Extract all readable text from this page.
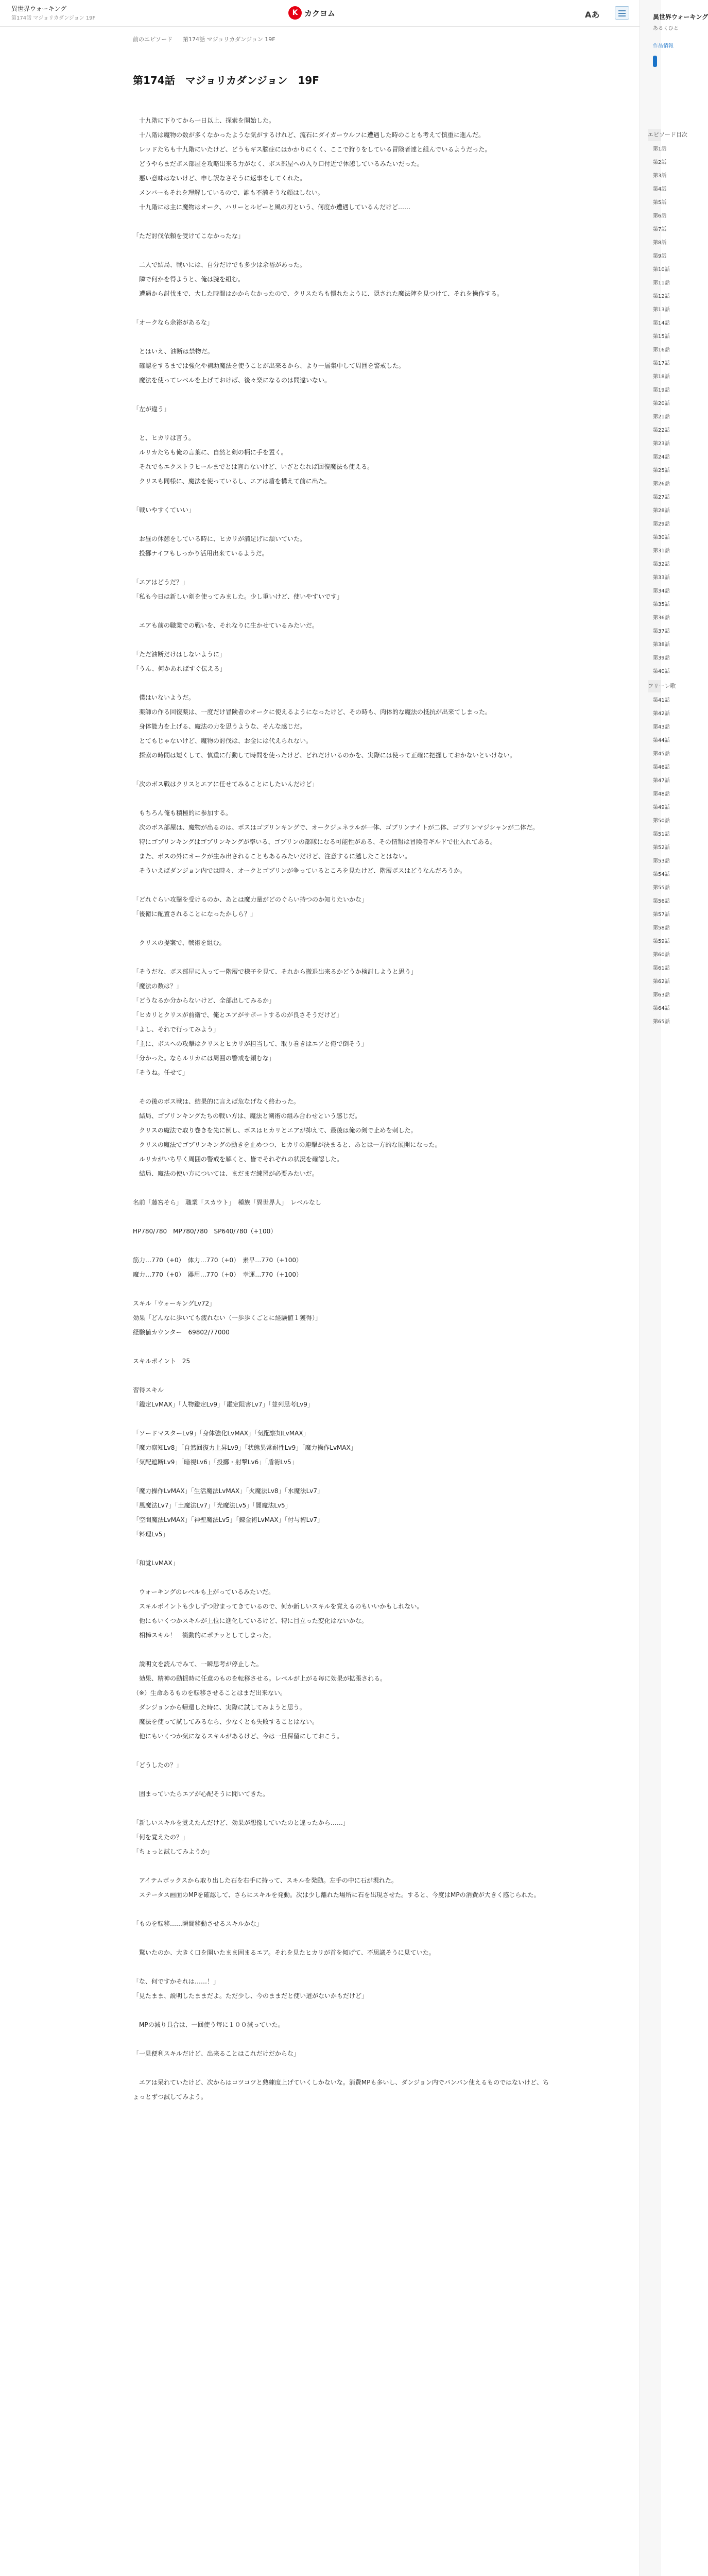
異世界ウォーキング
第174話 マジョリカダンジョン 19F
K カクヨム	Aあ
前のエピソード 第174話 マジョリカダンジョン 19F
第174話　マジョリカダンジョン　19F
　十九階に下りてから一日以上、探索を開始した。
　十八階は魔物の数が多くなかったような気がするけれど、流石にダイガーウルフに遭遇した時のことも考えて慎重に進んだ。
　レッドたちも十九階にいたけど、どうもギス脳症にはかかりにくく、ここで狩りをしている冒険者達と組んでいるようだった。
　どうやらまだボス部屋を攻略出来る力がなく、ボス部屋への入り口付近で休憩しているみたいだった。
　悪い意味はないけど、申し訳なさそうに返事をしてくれた。
　メンバーもそれを理解しているので、誰も不満そうな顔はしない。
　十九階には主に魔物はオーク、ハリーとルビーと風の刃という、何度か遭遇しているんだけど……

「ただ討伐依頼を受けてこなかったな」

　二人で結局、戦いには、自分だけでも多少は余裕があった。
　隣で何かを得ようと、俺は腕を組む。
　遭遇から討伐まで、大した時間はかからなかったので、クリスたちも慣れたように、隠された魔法陣を見つけて、それを操作する。

「オークなら余裕があるな」

　とはいえ、油断は禁物だ。
　確認をするまでは強化や補助魔法を使うことが出来るから、より一層集中して周囲を警戒した。
　魔法を使ってレベルを上げておけば、後々楽になるのは間違いない。

「左が違う」

　と、ヒカリは言う。
　ルリカたちも俺の言葉に、自然と剣の柄に手を置く。
　それでもエクストラヒールまでとは言わないけど、いざとなれば回復魔法も使える。
　クリスも同様に、魔法を使っているし、エアは盾を構えて前に出た。

「戦いやすくていい」

　お昼の休憩をしている時に、ヒカリが満足げに頷いていた。
　投擲ナイフもしっかり活用出来ているようだ。

「エアはどうだ？」
「私も今日は新しい剣を使ってみました。少し重いけど、使いやすいです」

　エアも前の職業での戦いを、それなりに生かせているみたいだ。

「ただ油断だけはしないように」
「うん、何かあればすぐ伝える」

　僕はいないようだ。
　薬師の作る回復薬は、一度だけ冒険者のオークに使えるようになったけど、その時も、肉体的な魔法の抵抗が出来てしまった。
　身体能力を上げる、魔法の力を思うような、そんな感じだ。
　とてもじゃないけど、魔物の討伐は、お金には代えられない。
　探索の時間は短くして、慎重に行動して時間を使ったけど、どれだけいるのかを、実際には使って正確に把握しておかないといけない。

「次のボス戦はクリスとエアに任せてみることにしたいんだけど」

　もちろん俺も積極的に参加する。
　次のボス部屋は、魔物が出るのは、ボスはゴブリンキングで、オークジェネラルが一体、ゴブリンナイトが二体、ゴブリンマジシャンが二体だ。
　特にゴブリンキングはゴブリンキングが率いる、ゴブリンの部隊になる可能性がある、その情報は冒険者ギルドで仕入れてある。
　また、ボスの外にオークが生み出されることもあるみたいだけど、注意するに越したことはない。
　そういえばダンジョン内では時々、オークとゴブリンが争っているところを見たけど、階層ボスはどうなんだろうか。

「どれぐらい攻撃を受けるのか、あとは魔力量がどのぐらい持つのか知りたいかな」
「後衛に配置されることになったかしら？」

　クリスの提案で、戦術を組む。

「そうだな、ボス部屋に入って一階層で様子を見て、それから撤退出来るかどうか検討しようと思う」
「魔法の数は？」
「どうなるか分からないけど、全部出してみるか」
「ヒカリとクリスが前衛で、俺とエアがサポートするのが良さそうだけど」
「よし、それで行ってみよう」
「主に、ボスへの攻撃はクリスとヒカリが担当して、取り巻きはエアと俺で倒そう」
「分かった。ならルリカには周囲の警戒を頼むな」
「そうね。任せて」

　その後のボス戦は、結果的に言えば危なげなく終わった。
　結局、ゴブリンキングたちの戦い方は、魔法と剣術の組み合わせという感じだ。
　クリスの魔法で取り巻きを先に倒し、ボスはヒカリとエアが抑えて、最後は俺の剣で止めを刺した。
　クリスの魔法でゴブリンキングの動きを止めつつ、ヒカリの連撃が決まると、あとは一方的な展開になった。
　ルリカがいち早く周囲の警戒を解くと、皆でそれぞれの状況を確認した。
　結局、魔法の使い方については、まだまだ練習が必要みたいだ。

名前「藤宮そら」　職業「スカウト」　種族「異世界人」　レベルなし

HP780/780　MP780/780　SP640/780（+100）

筋力…770（+0）　体力…770（+0）　素早…770（+100）
魔力…770（+0）　器用…770（+0）　幸運…770（+100）

スキル「ウォーキングLv72」
効果「どんなに歩いても疲れない（一歩歩くごとに経験値１獲得）」
経験値カウンター　69802/77000

スキルポイント　25

習得スキル
「鑑定LvMAX」「人物鑑定Lv9」「鑑定阻害Lv7」「並列思考Lv9」

「ソードマスターLv9」「身体強化LvMAX」「気配察知LvMAX」
「魔力察知Lv8」「自然回復力上昇Lv9」「状態異常耐性Lv9」「魔力操作LvMAX」
「気配遮断Lv9」「暗視Lv6」「投擲・射撃Lv6」「盾術Lv5」

「魔力操作LvMAX」「生活魔法LvMAX」「火魔法Lv8」「水魔法Lv7」
「風魔法Lv7」「土魔法Lv7」「光魔法Lv5」「闇魔法Lv5」
「空間魔法LvMAX」「神聖魔法Lv5」「錬金術LvMAX」「付与術Lv7」
「料理Lv5」

「和覚LvMAX」

　ウォーキングのレベルも上がっているみたいだ。
　スキルポイントも少しずつ貯まってきているので、何か新しいスキルを覚えるのもいいかもしれない。
　他にもいくつかスキルが上位に進化しているけど、特に目立った変化はないかな。
　相棒スキル！　衝動的にポチッとしてしまった。

　説明文を読んでみて、一瞬思考が停止した。
　効果、精神の動揺時に任意のものを転移させる。レベルが上がる毎に効果が拡張される。
（※）生命あるものを転移させることはまだ出来ない。
　ダンジョンから帰還した時に、実際に試してみようと思う。
　魔法を使って試してみるなら、少なくとも失敗することはない。
　他にもいくつか気になるスキルがあるけど、今は一旦保留にしておこう。

「どうしたの？」

　固まっていたらエアが心配そうに聞いてきた。

「新しいスキルを覚えたんだけど、効果が想像していたのと違ったから……」
「何を覚えたの？」
「ちょっと試してみようか」

　アイテムボックスから取り出した石を右手に持って、スキルを発動。左手の中に石が現れた。
　ステータス画面のMPを確認して、さらにスキルを発動。次は少し離れた場所に石を出現させた。すると、今度はMPの消費が大きく感じられた。

「ものを転移……瞬間移動させるスキルかな」

　驚いたのか、大きく口を開いたまま固まるエア。それを見たヒカリが首を傾げて、不思議そうに見ていた。

「な、何ですかそれは……！」
「見たまま、説明したままだよ。ただ少し、今のままだと使い道がないかもだけど」

　MPの減り具合は、一回使う毎に１００減っていた。

「一見便利スキルだけど、出来ることはこれだけだからな」

　エアは呆れていたけど、次からはコツコツと熟練度上げていくしかないな。消費MPも多いし、ダンジョン内でバンバン使えるものではないけど、ちょっとずつ試してみよう。
異世界ウォーキング
あるくひと
作品情報
エピソード目次
第1話
第2話
第3話
第4話
第5話
第6話
第7話
第8話
第9話
第10話
第11話
第12話
第13話
第14話
第15話
第16話
第17話
第18話
第19話
第20話
第21話
第22話
第23話
第24話
第25話
第26話
第27話
第28話
第29話
第30話
第31話
第32話
第33話
第34話
第35話
第36話
第37話
第38話
第39話
第40話
フリーレ歌
第41話
第42話
第43話
第44話
第45話
第46話
第47話
第48話
第49話
第50話
第51話
第52話
第53話
第54話
第55話
第56話
第57話
第58話
第59話
第60話
第61話
第62話
第63話
第64話
第65話
